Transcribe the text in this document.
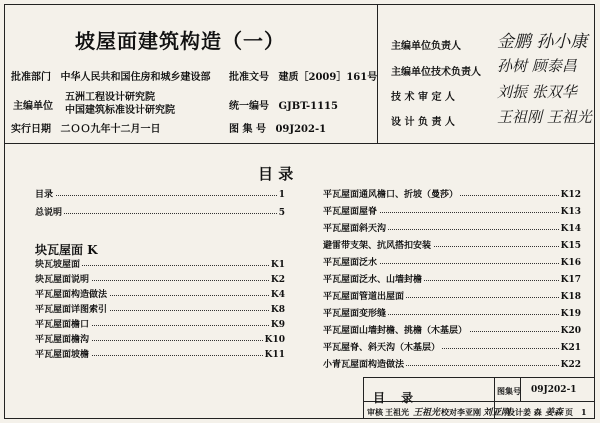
坡屋面建筑构造（一）
批准部门 中华人民共和国住房和城乡建设部 批准文号 建质［2009］161号
主编单位
五洲工程设计研究院
中国建筑标准设计研究院	统一编号 GJBT-1115
实行日期 二ＯＯ九年十二月一日	图 集 号 09J202-1
主编单位负责人 金鹏 孙小康
主编单位技术负责人 孙树 顾泰昌
技 术 审 定 人	刘振 张双华
设 计 负 责 人	王祖刚 王祖光
目 录
目录	1
总说明	5
块瓦屋面 K
块瓦坡屋面	K1
块瓦屋面说明	K2
平瓦屋面构造做法	K4
平瓦屋面详图索引	K8
平瓦屋面檐口	K9
平瓦屋面檐沟	K10
平瓦屋面坡檐	K11
平瓦屋面通风檐口、折坡（曼莎）	K12
平瓦屋面屋脊	K13
平瓦屋面斜天沟	K14
避雷带支架、抗风搭扣安装	K15
平瓦屋面泛水	K16
平瓦屋面泛水、山墙封檐	K17
平瓦屋面管道出屋面	K18
平瓦屋面变形缝	K19
平瓦屋面山墙封檐、挑檐（木基层）	K20
平瓦屋脊、斜天沟（木基层）	K21
小青瓦屋面构造做法	K22
目 录	图集号 09J202-1
审核 王祖光 王祖光 校对 李亚刚 刘亚刚
设计 姜 森 姜森 页 1
